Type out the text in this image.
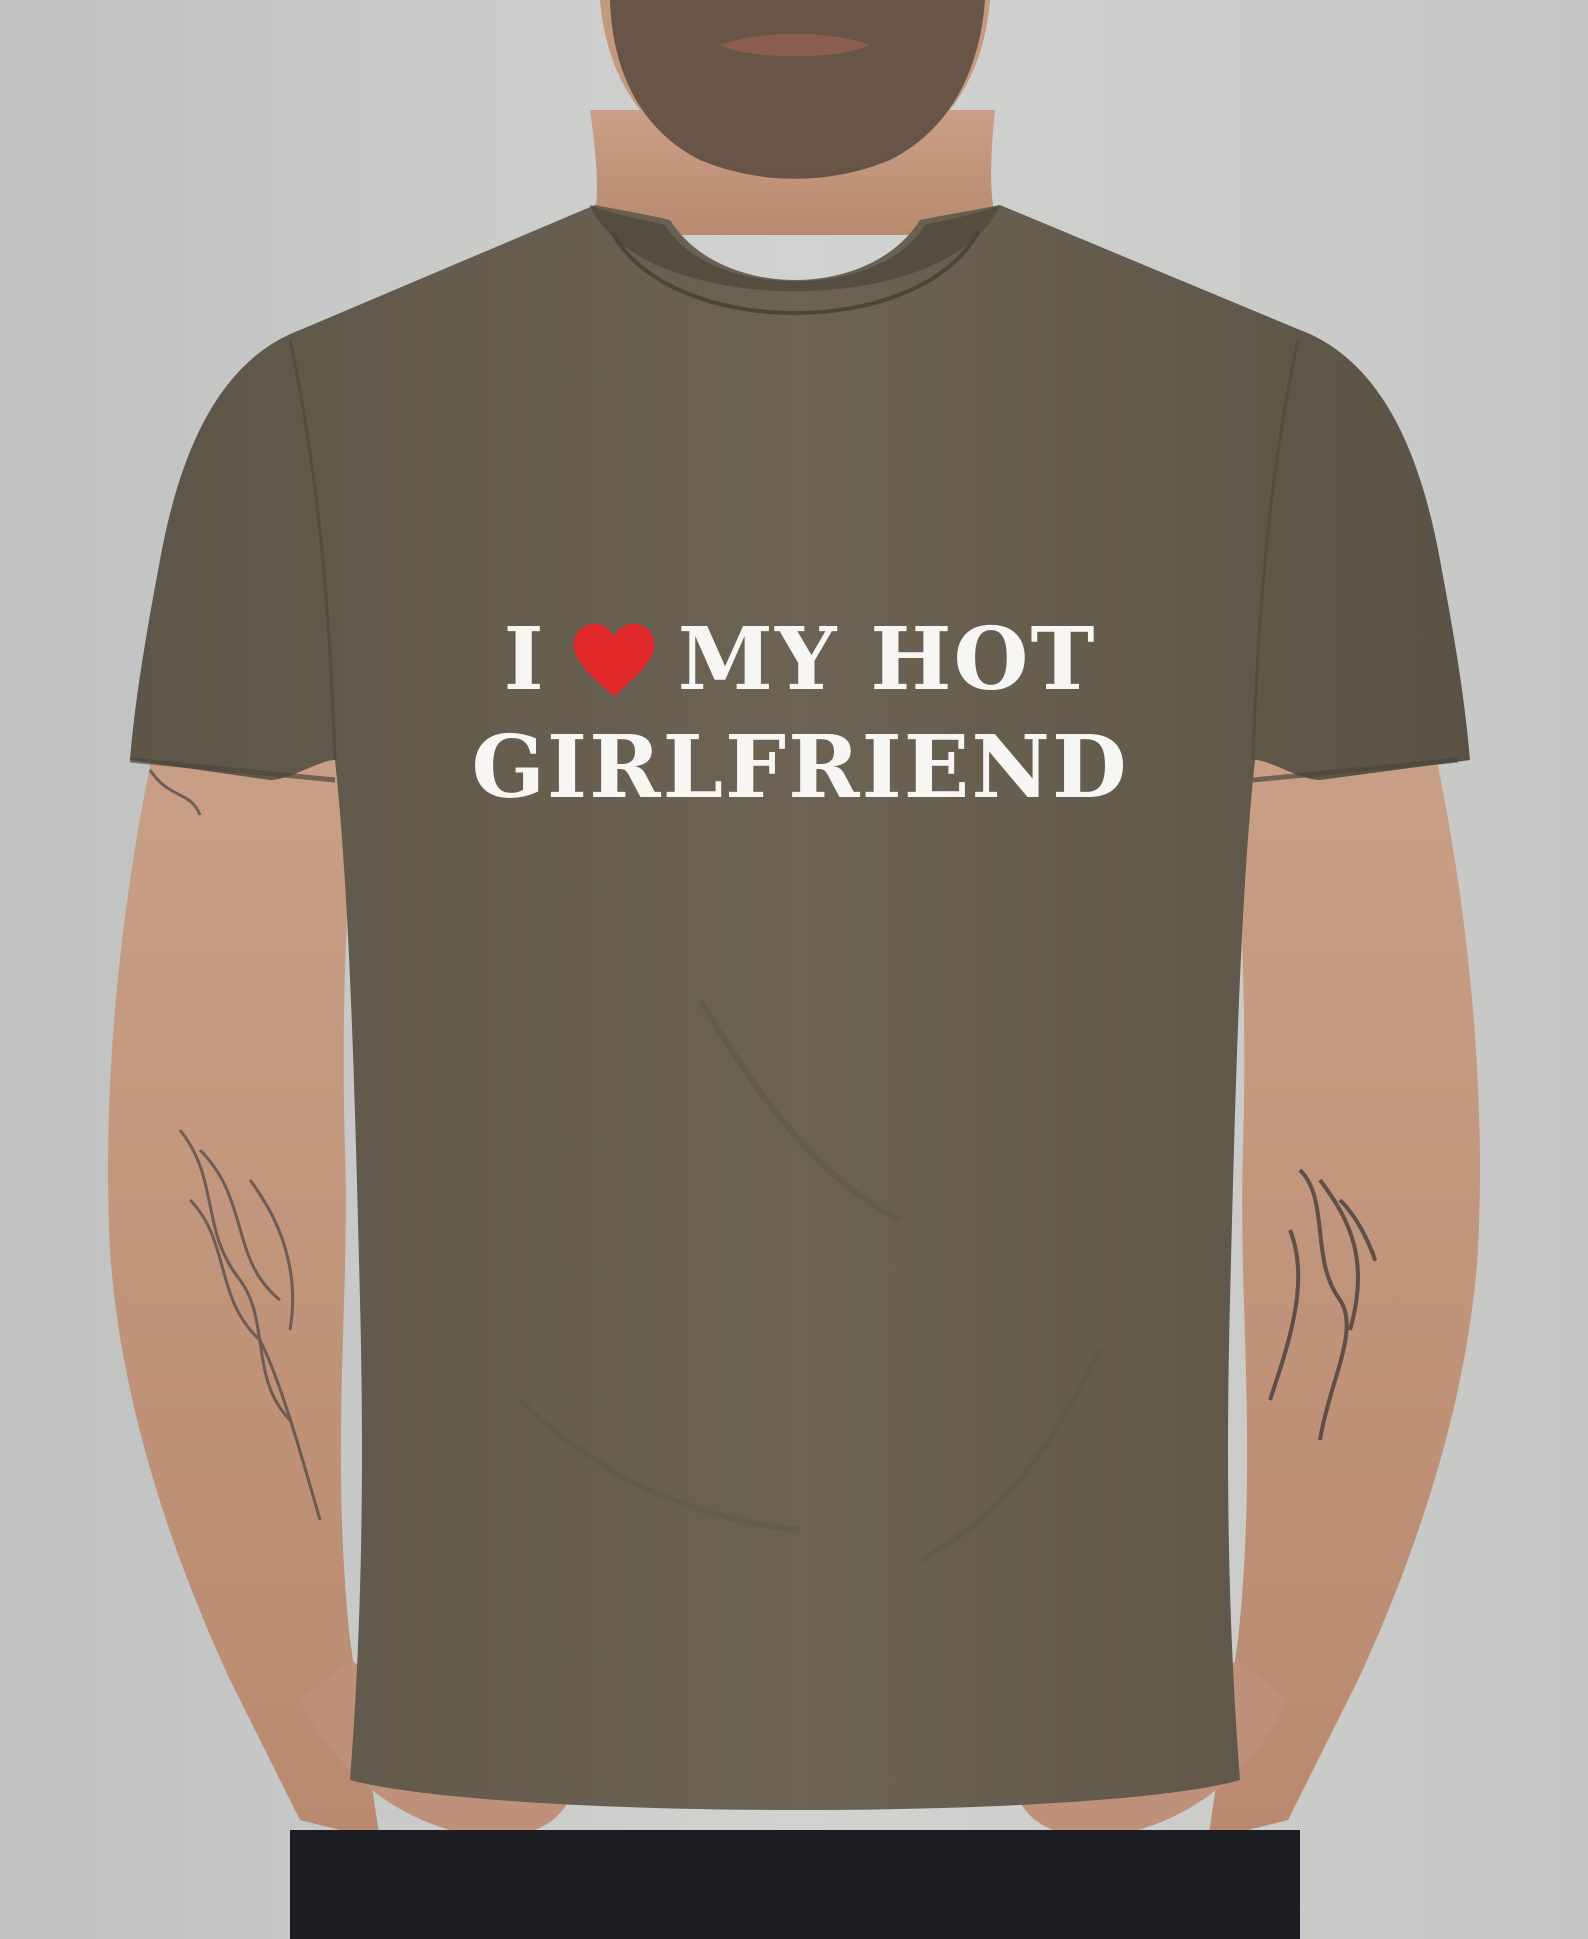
I MY HOT
GIRLFRIEND
